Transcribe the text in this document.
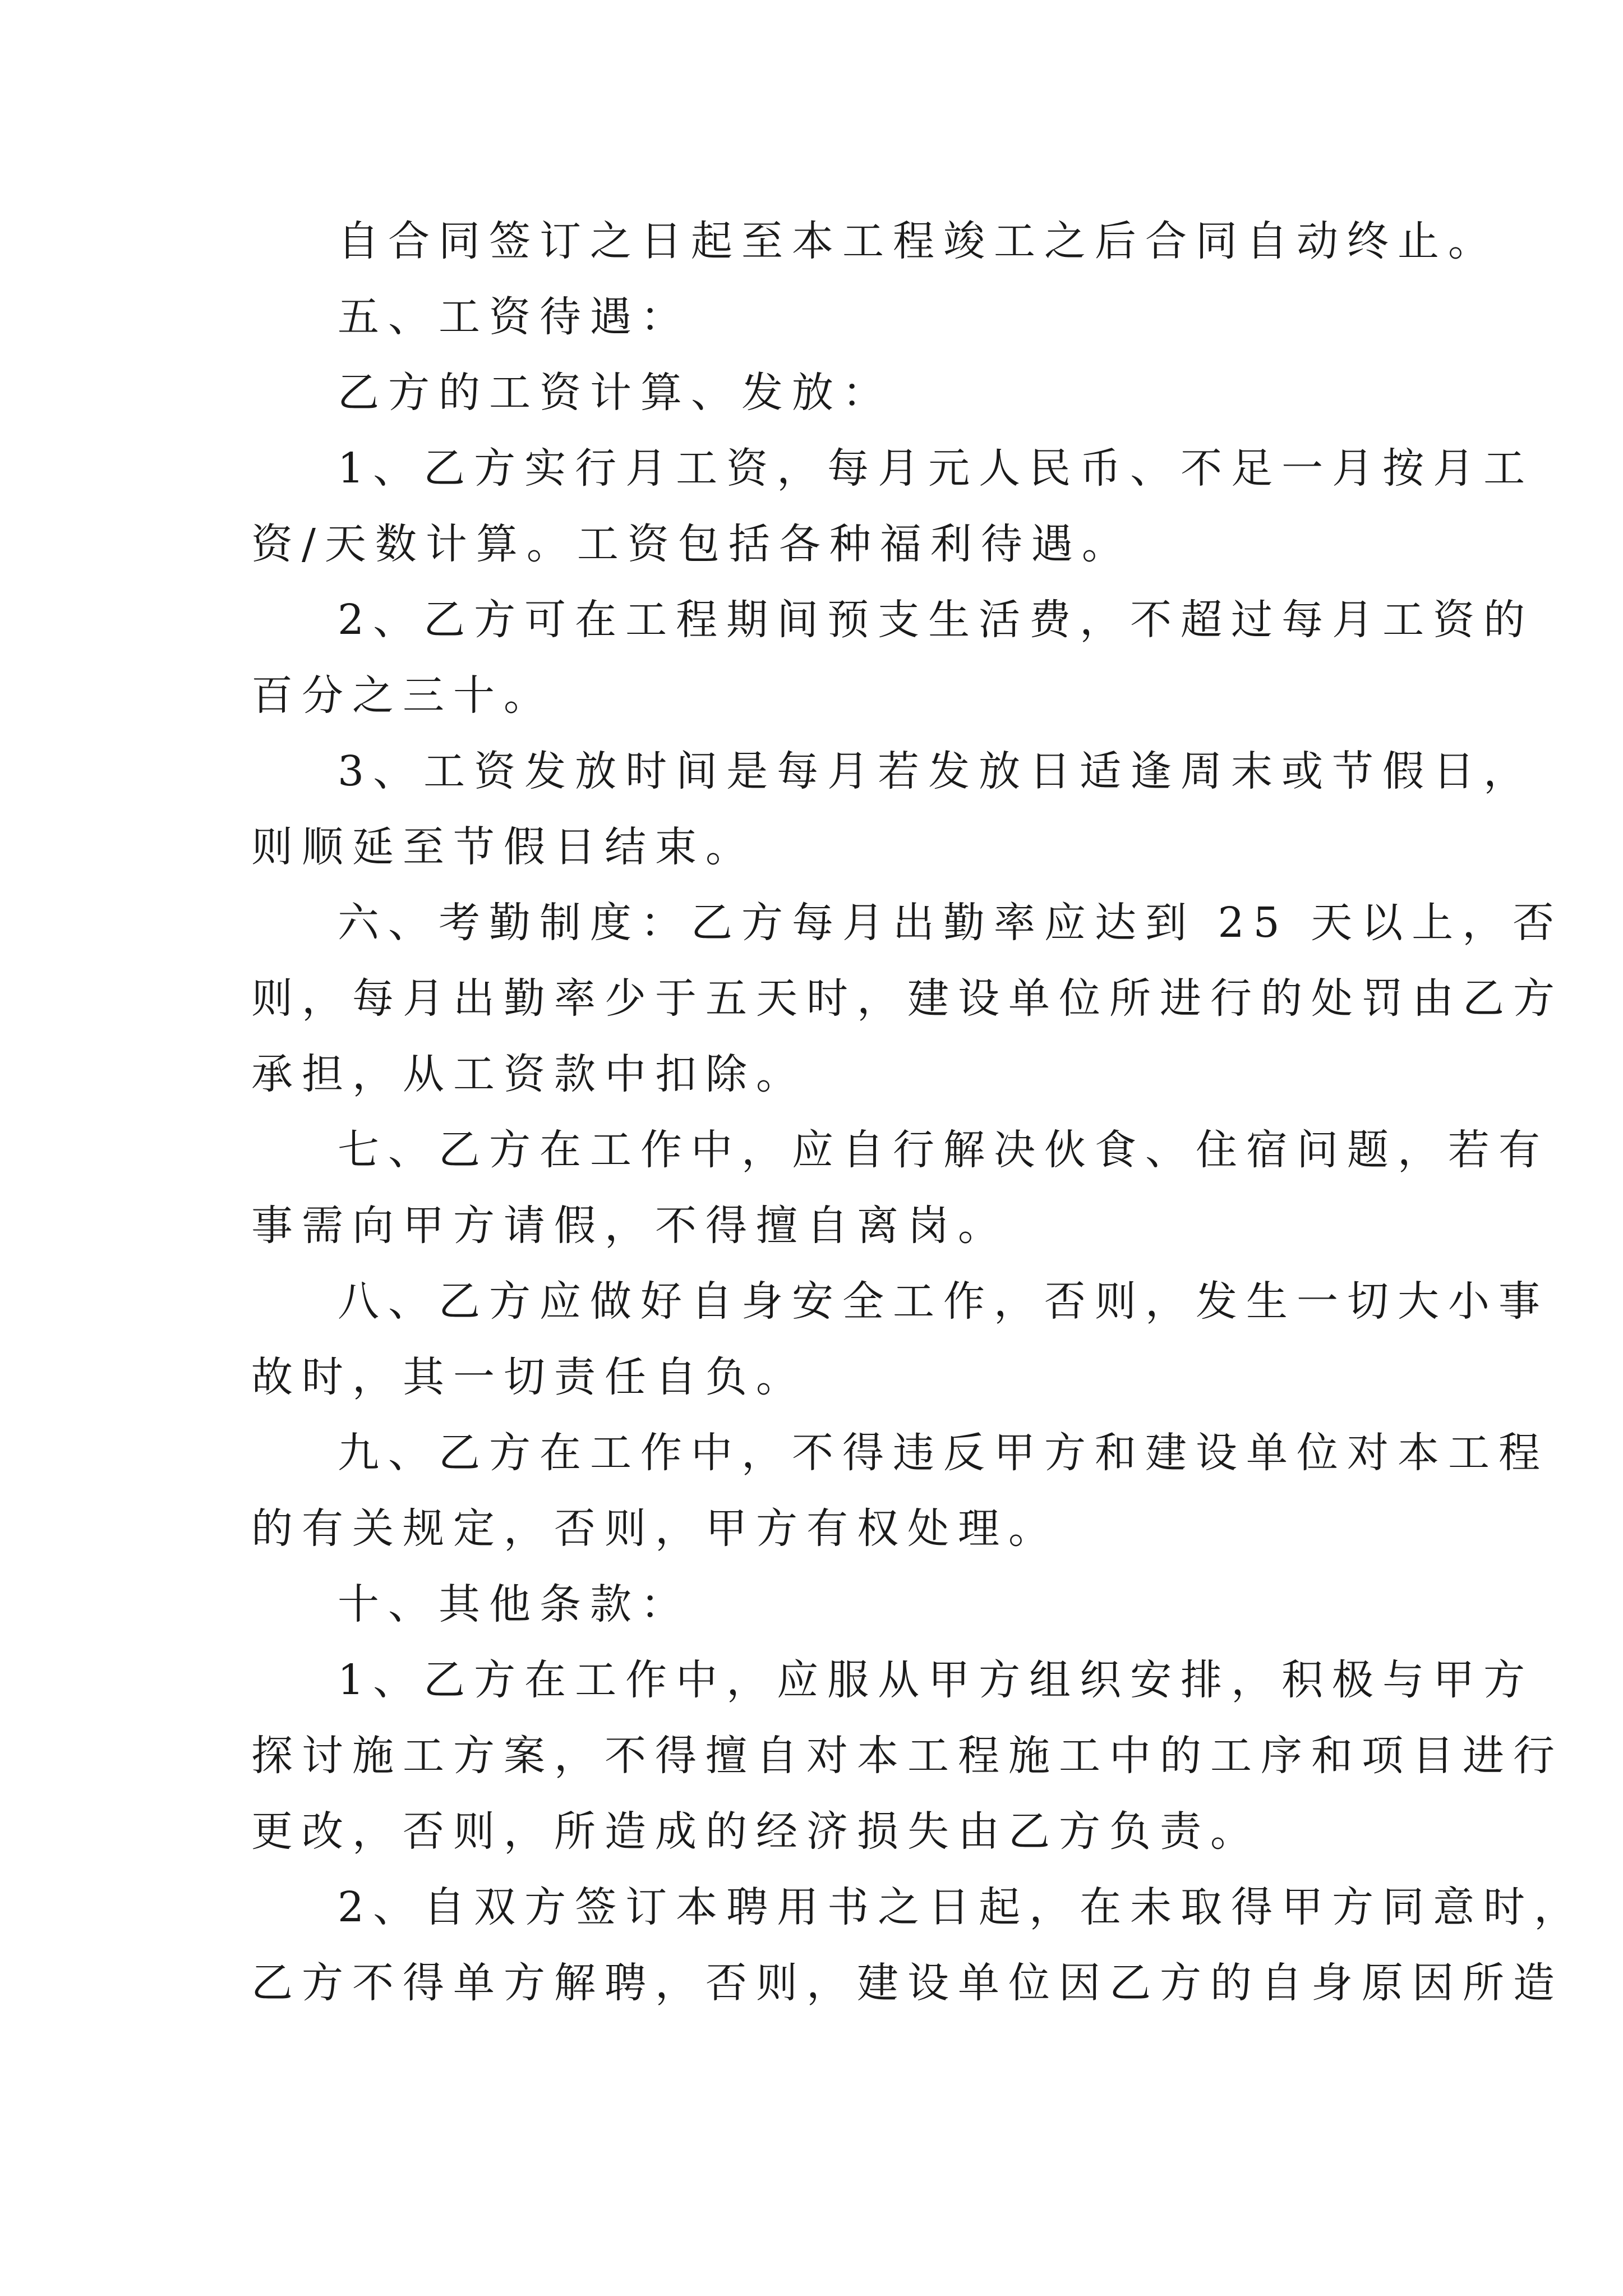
自合同签订之日起至本工程竣工之后合同自动终止。
五、工资待遇：
乙方的工资计算、发放：
1、乙方实行月工资，每月元人民币、不足一月按月工
资/天数计算。工资包括各种福利待遇。
2、乙方可在工程期间预支生活费，不超过每月工资的
百分之三十。
3、工资发放时间是每月若发放日适逢周末或节假日，
则顺延至节假日结束。
六、考勤制度：乙方每月出勤率应达到 25 天以上，否
则，每月出勤率少于五天时，建设单位所进行的处罚由乙方
承担，从工资款中扣除。
七、乙方在工作中，应自行解决伙食、住宿问题，若有
事需向甲方请假，不得擅自离岗。
八、乙方应做好自身安全工作，否则，发生一切大小事
故时，其一切责任自负。
九、乙方在工作中，不得违反甲方和建设单位对本工程
的有关规定，否则，甲方有权处理。
十、其他条款：
1、乙方在工作中，应服从甲方组织安排，积极与甲方
探讨施工方案，不得擅自对本工程施工中的工序和项目进行
更改，否则，所造成的经济损失由乙方负责。
2、自双方签订本聘用书之日起，在未取得甲方同意时，
乙方不得单方解聘，否则，建设单位因乙方的自身原因所造
